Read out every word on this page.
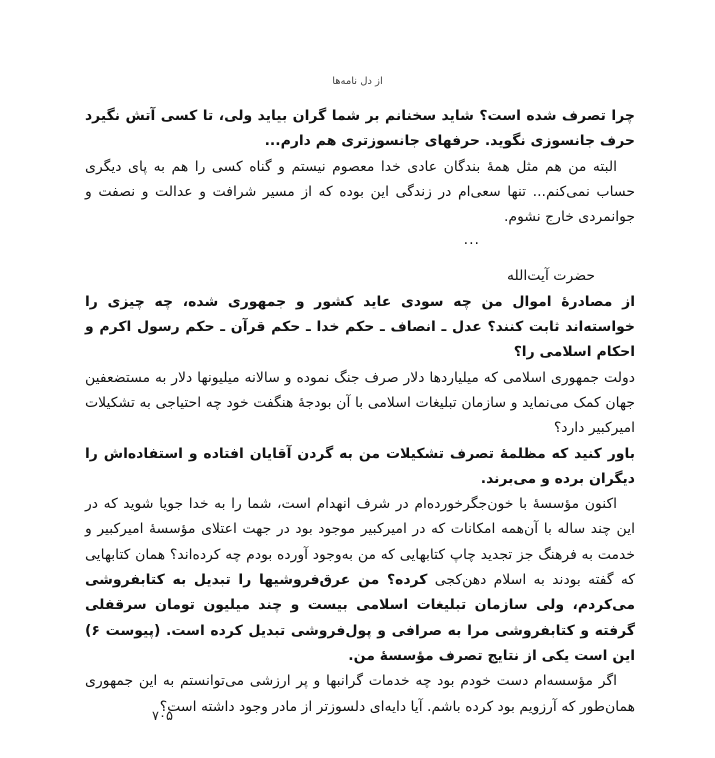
از دل نامه‌ها

چرا تصرف شده است؟ شاید سخنانم بر شما گران بیاید ولی، تا کسی آتش نگیرد حرف جانسوزی نگوید. حرفهای جانسوزتری هم دارم...

البته من هم مثل همهٔ بندگان عادی خدا معصوم نیستم و گناه کسی را هم به پای دیگری حساب نمی‌کنم... تنها سعی‌ام در زندگی این بوده که از مسیر شرافت و عدالت و نصفت و جوانمردی خارج نشوم.

...

حضرت آیت‌الله

از مصادرهٔ اموال من چه سودی عاید کشور و جمهوری شده، چه چیزی را خواسته‌اند ثابت کنند؟ عدل ـ انصاف ـ حکم خدا ـ حکم قرآن ـ حکم رسول اکرم و احکام اسلامی را؟

دولت جمهوری اسلامی که میلیاردها دلار صرف جنگ نموده و سالانه میلیونها دلار به مستضعفین جهان کمک می‌نماید و سازمان تبلیغات اسلامی با آن بودجهٔ هنگفت خود چه احتیاجی به تشکیلات امیرکبیر دارد؟

باور کنید که مظلمهٔ تصرف تشکیلات من به گردن آقایان افتاده و استفاده‌اش را دیگران برده و می‌برند.

اکنون مؤسسهٔ با خون‌جگرخورده‌ام در شرف انهدام است، شما را به خدا جویا شوید که در این چند ساله با آن‌همه امکانات که در امیرکبیر موجود بود در جهت اعتلای مؤسسهٔ امیرکبیر و خدمت به فرهنگ جز تجدید چاپ کتابهایی که من به‌وجود آورده بودم چه کرده‌اند؟ همان کتابهایی که گفته بودند به اسلام دهن‌کجی کرده؟ من عرق‌فروشیها را تبدیل به کتابفروشی می‌کردم، ولی سازمان تبلیغات اسلامی بیست و چند میلیون تومان سرقفلی گرفته و کتابفروشی مرا به صرافی و پول‌فروشی تبدیل کرده است. (پیوست ۶) این است یکی از نتایج تصرف مؤسسهٔ من.

اگر مؤسسه‌ام دست خودم بود چه خدمات گرانبها و پر ارزشی می‌توانستم به این جمهوری همان‌طور که آرزویم بود کرده باشم. آیا دایه‌ای دلسوزتر از مادر وجود داشته است؟

۷۰۵
